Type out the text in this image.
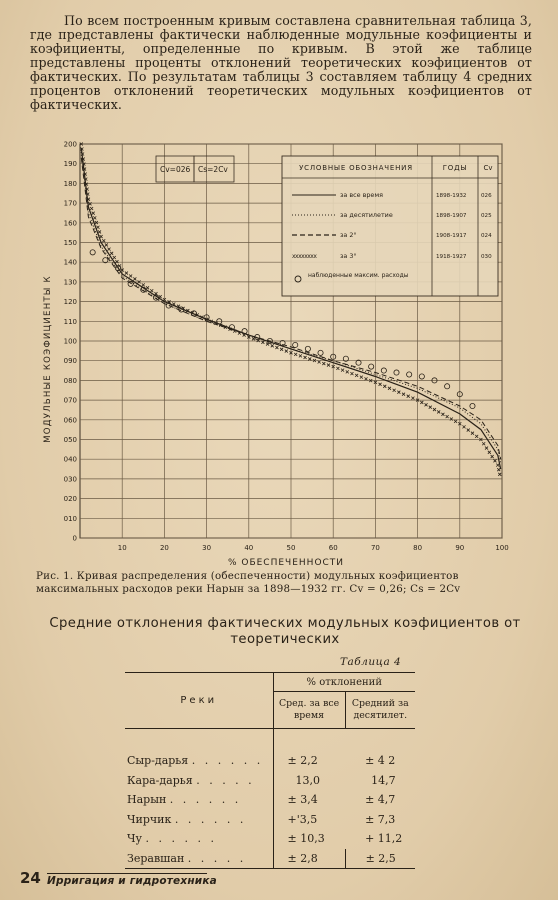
По всем построенным кривым составлена сравнительная таблица 3, где представлены фактически наблюденные модульные коэфициенты и коэфициенты, определенные по кривым. В этой же таблице представлены проценты отклонений теоретических коэфициентов от фактических. По результатам таблицы 3 составляем таблицу 4 средних процентов отклонений теоретических модульных коэфициентов от фактических.

0
010
020
030
040
050
060
070
080
090
100
110
120
130
140
150
160
170
180
190
200
10	20	30	40	50	60	70	80	90	100
МОДУЛЬНЫЕ КОЭФИЦИЕНТЫ К
% ОБЕСПЕЧЕННОСТИ
Cv=026 Cs=2Cv	УСЛОВНЫЕ ОБОЗНАЧЕНИЯ	ГОДЫ Cv
за все время	1898-1932	026
за десятилетие	1898-1907	025
за 2°	1908-1917	024
xxxxxxxx	за 3°	1918-1927	030
наблюденные максим. расходы
Рис. 1. Кривая распределения (обеспеченности) модульных коэфициентов максимальных расходов реки Нарын за 1898—1932 гг. Cv = 0,26; Cs = 2Cv
Средние отклонения фактических модульных коэфициентов от теоретических
Таблица 4
Реки	% отклонений	
	Сред. за все время	Средний за десятилет.

Сыр-дарья . . . . . .	± 2,2	± 4 2
Кара-дарья . . . . .	13,0	14,7
Нарын . . . . . .	± 3,4	± 4,7
Чирчик . . . . . .	+'3,5	± 7,3
Чу . . . . . .	± 10,3	+ 11,2
Зеравшан . . . . .	± 2,8	± 2,5
24 Ирригация и гидротехника
